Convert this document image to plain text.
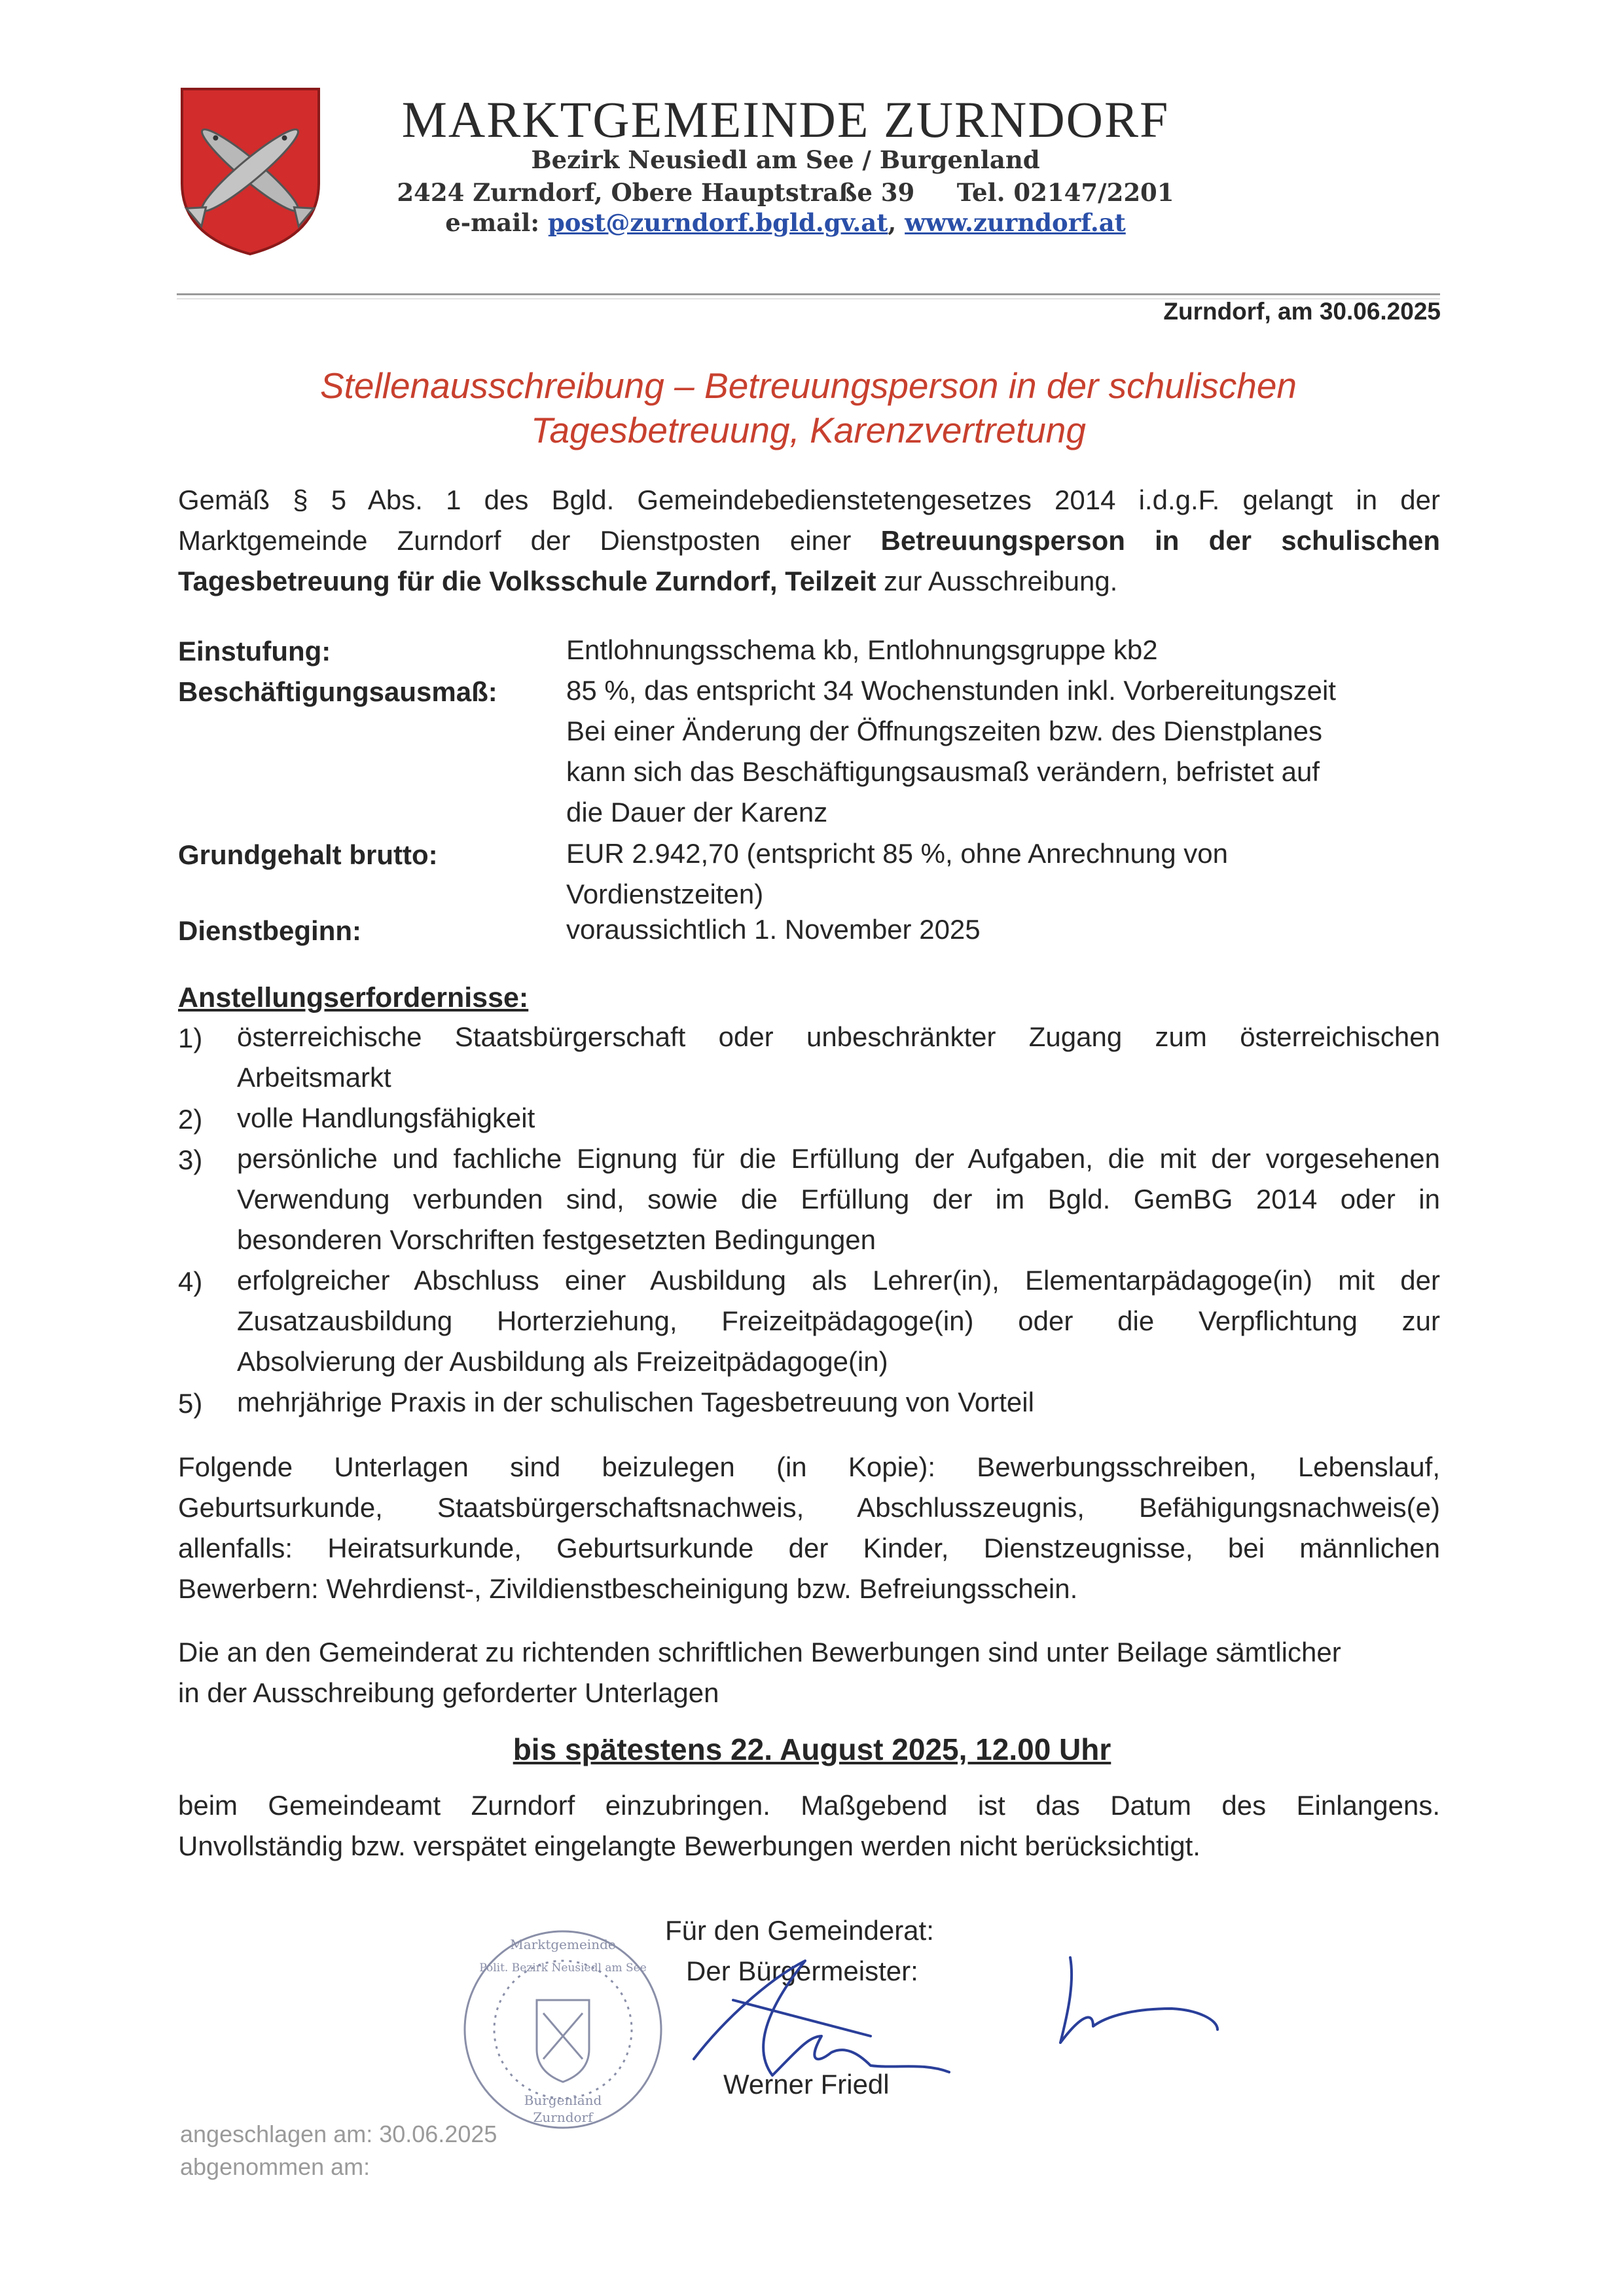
MARKTGEMEINDE ZURNDORF
Bezirk Neusiedl am See / Burgenland
2424 Zurndorf, Obere Hauptstraße 39 Tel. 02147/2201
e-mail: post@zurndorf.bgld.gv.at, www.zurndorf.at
Zurndorf, am 30.06.2025
Stellenausschreibung – Betreuungsperson in der schulischen
Tagesbetreuung, Karenzvertretung
Gemäß § 5 Abs. 1 des Bgld. Gemeindebedienstetengesetzes 2014 i.d.g.F. gelangt in der
Marktgemeinde Zurndorf der Dienstposten einer Betreuungsperson in der schulischen
Tagesbetreuung für die Volksschule Zurndorf, Teilzeit zur Ausschreibung.
Einstufung:	Entlohnungsschema kb, Entlohnungsgruppe kb2
Beschäftigungsausmaß:	85 %, das entspricht 34 Wochenstunden inkl. Vorbereitungszeit
Bei einer Änderung der Öffnungszeiten bzw. des Dienstplanes
kann sich das Beschäftigungsausmaß verändern, befristet auf
die Dauer der Karenz
Grundgehalt brutto:	EUR 2.942,70 (entspricht 85 %, ohne Anrechnung von
Vordienstzeiten)
Dienstbeginn:	voraussichtlich 1. November 2025
Anstellungserfordernisse:
1)	österreichische Staatsbürgerschaft oder unbeschränkter Zugang zum österreichischen
Arbeitsmarkt
2)	volle Handlungsfähigkeit
3)	persönliche und fachliche Eignung für die Erfüllung der Aufgaben, die mit der vorgesehenen
Verwendung verbunden sind, sowie die Erfüllung der im Bgld. GemBG 2014 oder in
besonderen Vorschriften festgesetzten Bedingungen
4)	erfolgreicher Abschluss einer Ausbildung als Lehrer(in), Elementarpädagoge(in) mit der
Zusatzausbildung Horterziehung, Freizeitpädagoge(in) oder die Verpflichtung zur
Absolvierung der Ausbildung als Freizeitpädagoge(in)
5)	mehrjährige Praxis in der schulischen Tagesbetreuung von Vorteil
Folgende Unterlagen sind beizulegen (in Kopie): Bewerbungsschreiben, Lebenslauf,
Geburtsurkunde, Staatsbürgerschaftsnachweis, Abschlusszeugnis, Befähigungsnachweis(e)
allenfalls: Heiratsurkunde, Geburtsurkunde der Kinder, Dienstzeugnisse, bei männlichen
Bewerbern: Wehrdienst-, Zivildienstbescheinigung bzw. Befreiungsschein.
Die an den Gemeinderat zu richtenden schriftlichen Bewerbungen sind unter Beilage sämtlicher
in der Ausschreibung geforderter Unterlagen
bis spätestens 22. August 2025, 12.00 Uhr
beim Gemeindeamt Zurndorf einzubringen. Maßgebend ist das Datum des Einlangens.
Unvollständig bzw. verspätet eingelangte Bewerbungen werden nicht berücksichtigt.
Marktgemeinde
Polit. Bezirk Neusiedl am See
Burgenland
Zurndorf
Für den Gemeinderat:
Der Bürgermeister:
Werner Friedl
angeschlagen am: 30.06.2025
abgenommen am:
